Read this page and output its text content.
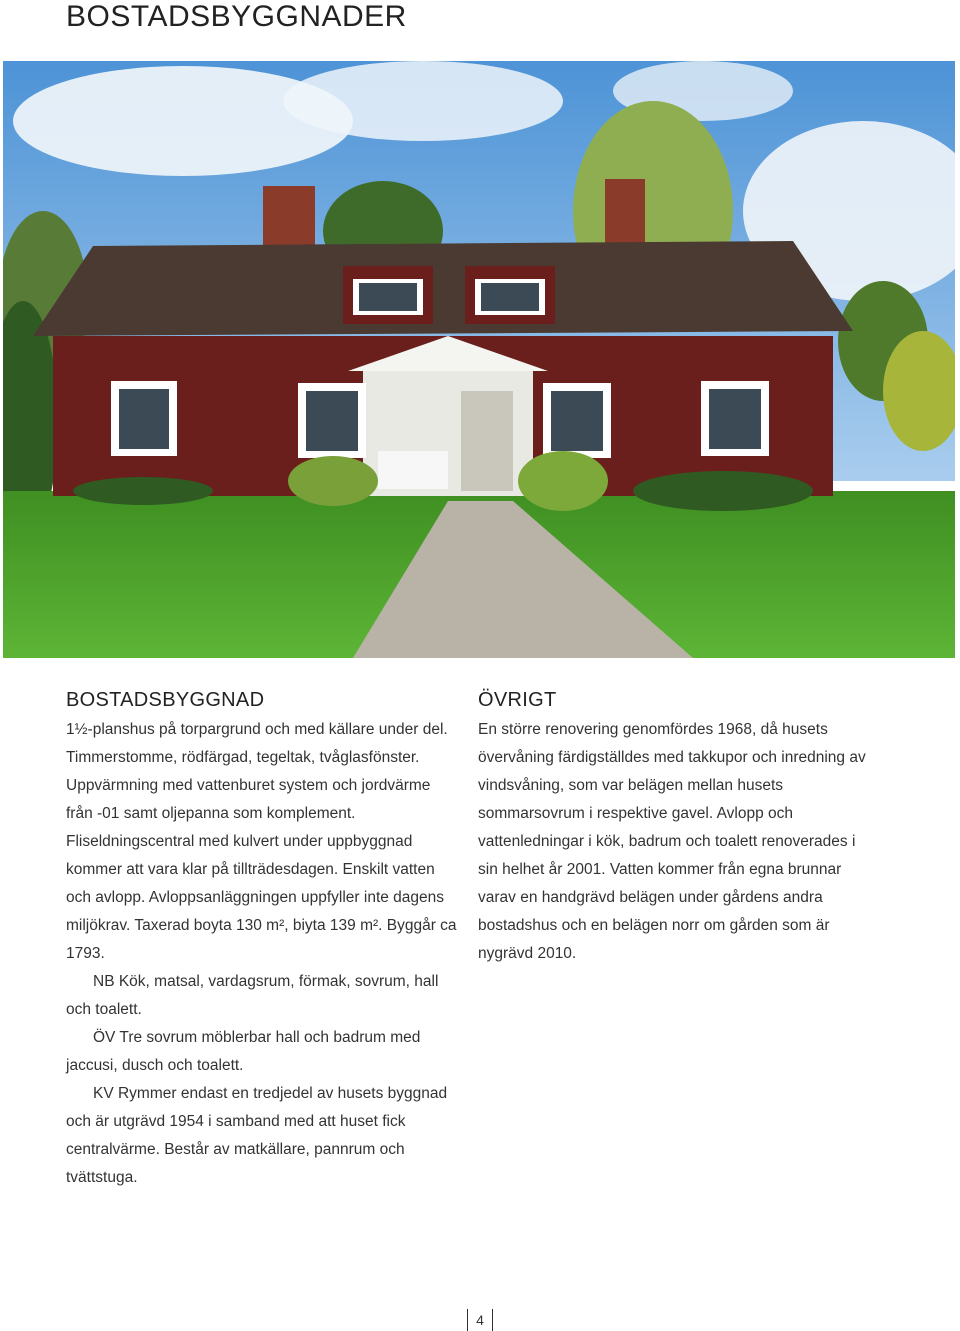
BOSTADSBYGGNADER
BOSTADSBYGGNAD

1½-planshus på torpargrund och med källare under del. Timmerstomme, rödfärgad, tegeltak, tvåglasfönster. Uppvärmning med vattenburet system och jordvärme från -01 samt oljepanna som komplement. Fliseldningscentral med kulvert under uppbyggnad kommer att vara klar på tillträdesdagen. Enskilt vatten och avlopp. Avloppsanläggningen uppfyller inte dagens miljökrav. Taxerad boyta 130 m², biyta 139 m². Byggår ca 1793.

NB Kök, matsal, vardagsrum, förmak, sovrum, hall och toalett.

ÖV Tre sovrum möblerbar hall och badrum med jaccusi, dusch och toalett.

KV Rymmer endast en tredjedel av husets byggnad och är utgrävd 1954 i samband med att huset fick centralvärme. Består av matkällare, pannrum och tvättstuga.

ÖVRIGT

En större renovering genomfördes 1968, då husets övervåning färdigställdes med takkupor och inredning av vindsvåning, som var belägen mellan husets sommarsovrum i respektive gavel. Avlopp och vattenledningar i kök, badrum och toalett renoverades i sin helhet år 2001. Vatten kommer från egna brunnar varav en handgrävd belägen under gårdens andra bostadshus och en belägen norr om gården som är nygrävd 2010.

4
